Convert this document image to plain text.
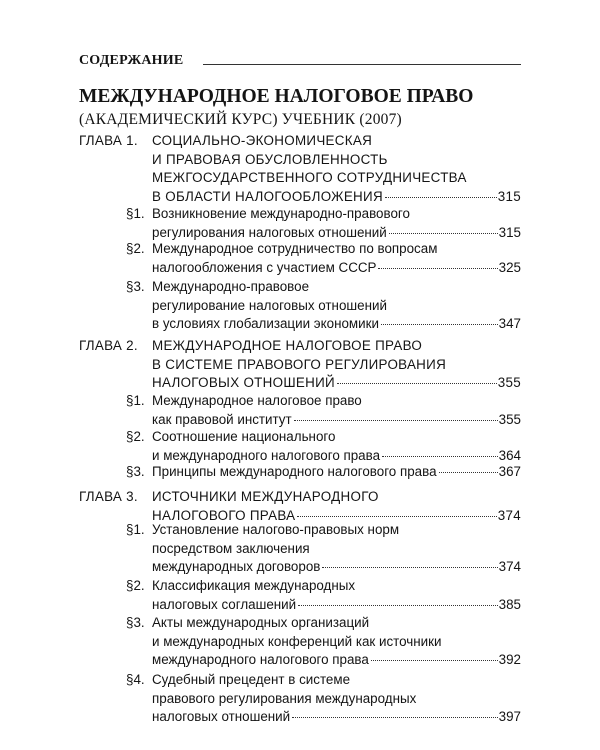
СОДЕРЖАНИЕ
МЕЖДУНАРОДНОЕ НАЛОГОВОЕ ПРАВО
(АКАДЕМИЧЕСКИЙ КУРС) УЧЕБНИК (2007)
ГЛАВА 1. СОЦИАЛЬНО-ЭКОНОМИЧЕСКАЯ
И ПРАВОВАЯ ОБУСЛОВЛЕННОСТЬ
МЕЖГОСУДАРСТВЕННОГО СОТРУДНИЧЕСТВА
В ОБЛАСТИ НАЛОГООБЛОЖЕНИЯ	315
§1. Возникновение международно-правового
регулирования налоговых отношений	315
§2. Международное сотрудничество по вопросам
налогообложения с участием СССР	325
§3. Международно-правовое
регулирование налоговых отношений
в условиях глобализации экономики	347
ГЛАВА 2. МЕЖДУНАРОДНОЕ НАЛОГОВОЕ ПРАВО
В СИСТЕМЕ ПРАВОВОГО РЕГУЛИРОВАНИЯ
НАЛОГОВЫХ ОТНОШЕНИЙ	355
§1. Международное налоговое право
как правовой институт	355
§2. Соотношение национального
и международного налогового права	364
§3. Принципы международного налогового права	367
ГЛАВА 3. ИСТОЧНИКИ МЕЖДУНАРОДНОГО
НАЛОГОВОГО ПРАВА	374
§1. Установление налогово-правовых норм
посредством заключения
международных договоров	374
§2. Классификация международных
налоговых соглашений	385
§3. Акты международных организаций
и международных конференций как источники
международного налогового права	392
§4. Судебный прецедент в системе
правового регулирования международных
налоговых отношений	397
